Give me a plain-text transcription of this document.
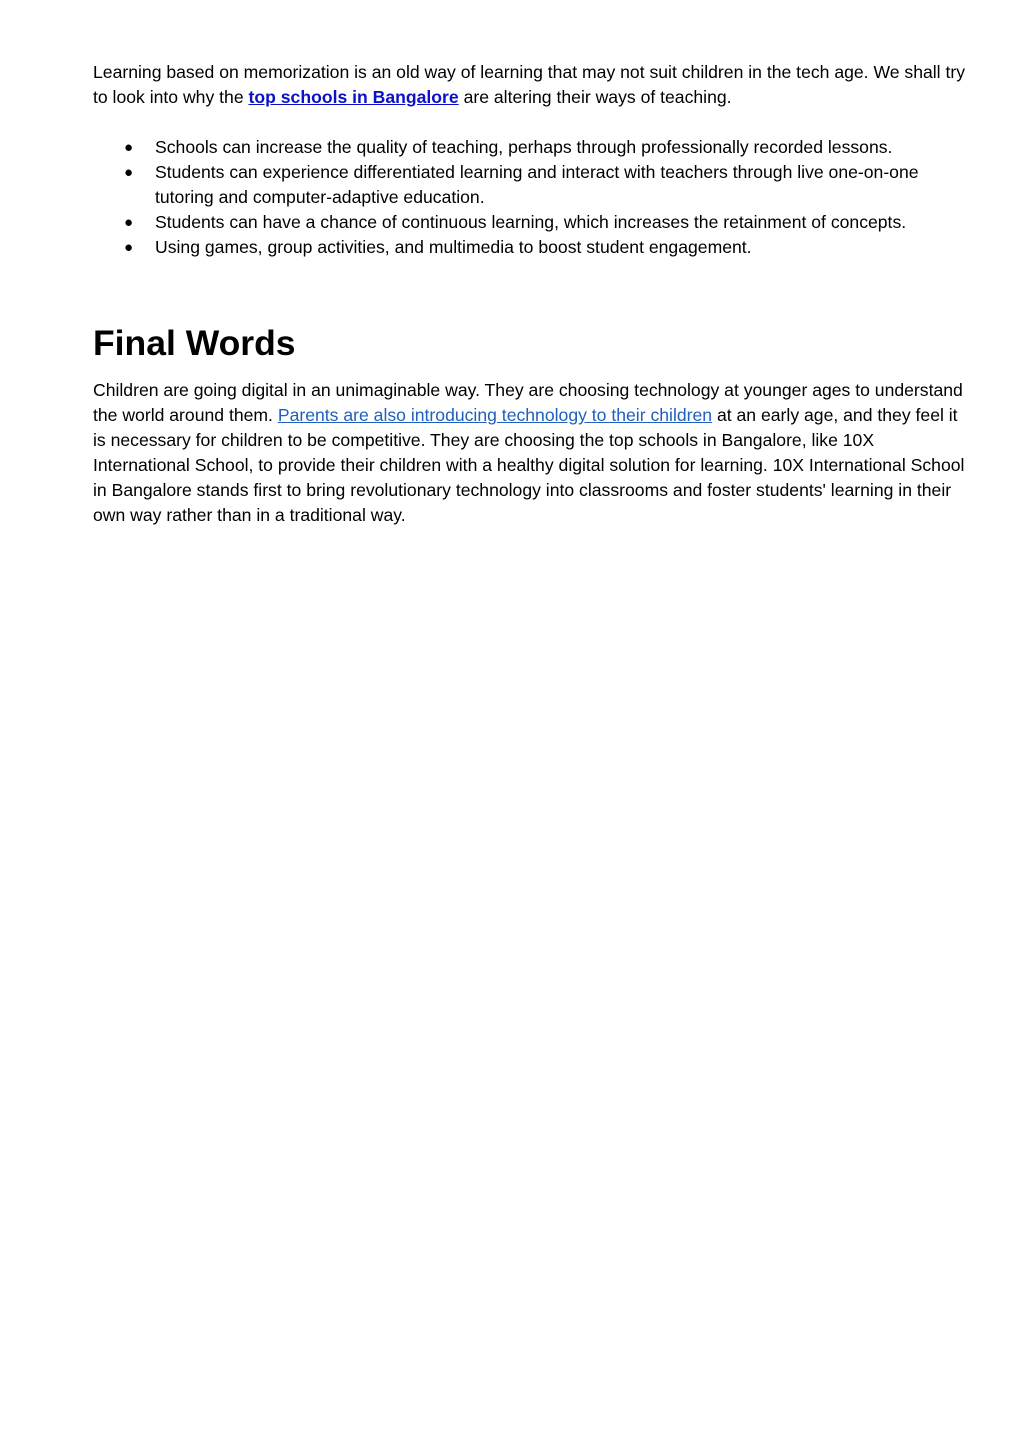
Learning based on memorization is an old way of learning that may not suit children in the tech age. We shall try to look into why the top schools in Bangalore are altering their ways of teaching.

● Schools can increase the quality of teaching, perhaps through professionally recorded lessons.
● Students can experience differentiated learning and interact with teachers through live one-on-one tutoring and computer-adaptive education.
● Students can have a chance of continuous learning, which increases the retainment of concepts.
● Using games, group activities, and multimedia to boost student engagement.
Final Words

Children are going digital in an unimaginable way. They are choosing technology at younger ages to understand the world around them. Parents are also introducing technology to their children at an early age, and they feel it is necessary for children to be competitive. They are choosing the top schools in Bangalore, like 10X International School, to provide their children with a healthy digital solution for learning. 10X International School in Bangalore stands first to bring revolutionary technology into classrooms and foster students' learning in their own way rather than in a traditional way.
